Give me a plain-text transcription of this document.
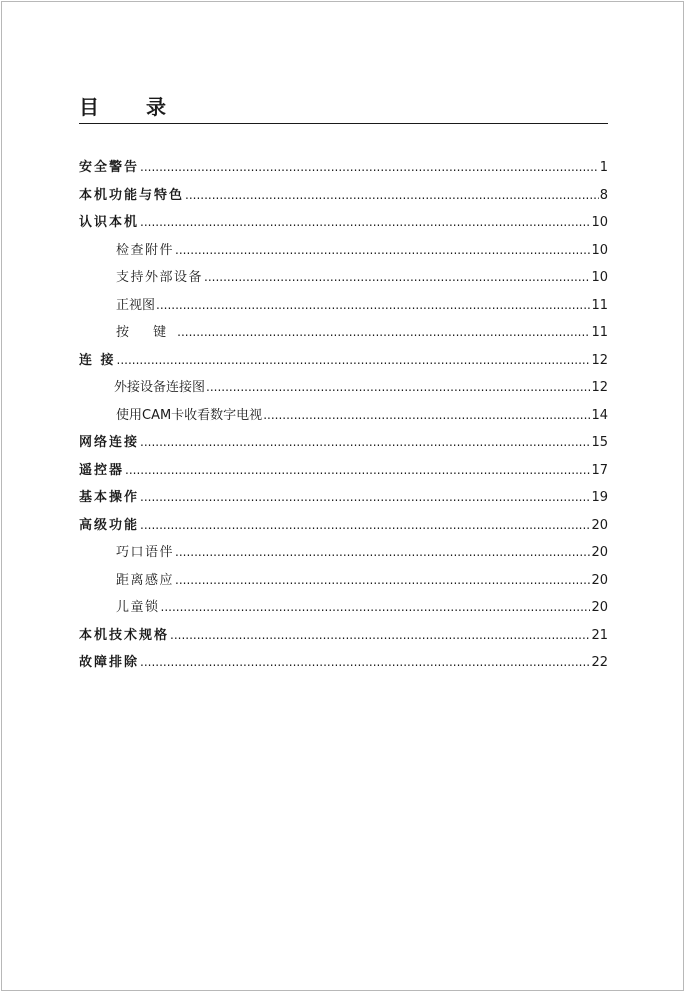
目 录
安全警告 .....	1
本机功能与特色 .....	8
认识本机 .....	10
检查附件 .....	10
支持外部设备 .....	10
正视图 .....	11
按 键 .....	11
连 接 .....	12
外接设备连接图 .....	12
使用CAM卡收看数字电视 .....	14
网络连接 .....	15
遥控器 .....	17
基本操作 .....	19
高级功能 .....	20
巧口语伴 .....	20
距离感应 .....	20
儿童锁 .....	20
本机技术规格 .....	21
故障排除 .....	22
